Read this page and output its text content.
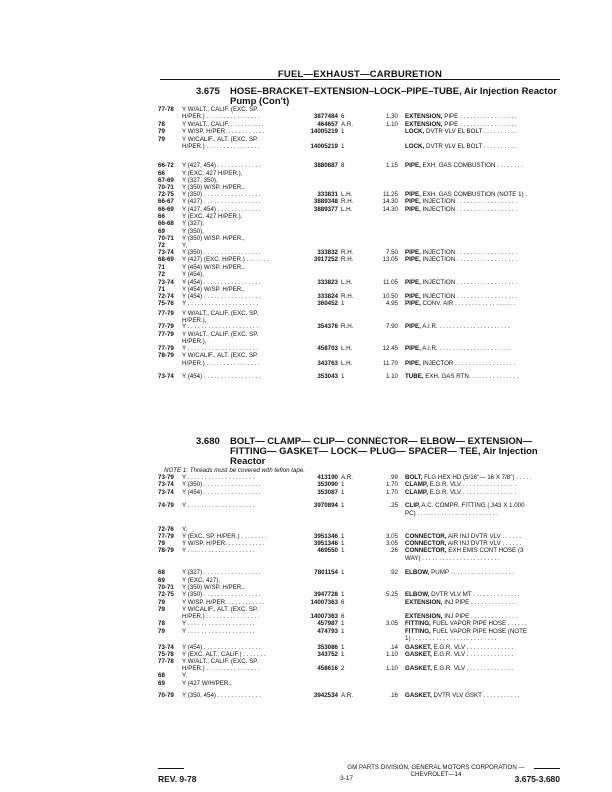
FUEL—EXHAUST—CARBURETION
3.675 HOSE–BRACKET–EXTENSION–LOCK–PIPE–TUBE, Air Injection Reactor
Pump (Con't)
77-78	Y W/ALT., CALIF. (EXC. SP.
H/PER.) . . . . . . . . . . . . . . . .	3877484 6	1.30 EXTENSION, PIPE . . . . . . . . . . . . . . . . .
78	Y W/ALT., CALIF. . . . . . . . . . .	464657 A.R.	1.10 EXTENSION, PIPE . . . . . . . . . . . . . . . . .
79	Y W/SP. H/PER. . . . . . . . . . . .	14005219 1	LOCK, DVTR VLV EL BOLT . . . . . . . . . .
79	Y W/CALIF., ALT. (EXC. SP.
H/PER.) . . . . . . . . . . . . . . . .	14005219 1	LOCK, DVTR VLV EL BOLT . . . . . . . . . .
66-72	Y (427, 454) . . . . . . . . . . . . .	3880887 8	1.15 PIPE, EXH. GAS COMBUSTION . . . . . . . .
66	Y (EXC. 427 H/PER.),
67-69	Y (327, 350),
70-71	Y (350) W/SP. H/PER.,
72-75	Y (350) . . . . . . . . . . . . . . . . .	333831 L.H.	11.25 PIPE, EXH. GAS COMBUSTION (NOTE 1) .
66-67	Y (427) . . . . . . . . . . . . . . . . .	3889348 R.H.	14.30 PIPE, INJECTION . . . . . . . . . . . . . . . . . .
66-69	Y (427, 454) . . . . . . . . . . . . .	3889377 L.H.	14.30 PIPE, INJECTION . . . . . . . . . . . . . . . . . .
66	Y (EXC. 427 H/PER.),
66-68	Y (327),
69	Y (350),
70-71	Y (350) W/SP. H/PER.,
72	Y,
73-74	Y (350) . . . . . . . . . . . . . . . . .	333832 R.H.	7.50 PIPE, INJECTION . . . . . . . . . . . . . . . . . .
68-69	Y (427) (EXC. H/PER.) . . . . . . .	3917252 R.H.	13.05 PIPE, INJECTION . . . . . . . . . . . . . . . . . .
71	Y (454) W/SP. H/PER.,
72	Y (454),
73-74	Y (454) . . . . . . . . . . . . . . . . .	333823 L.H.	11.05 PIPE, INJECTION . . . . . . . . . . . . . . . . . .
71	Y (454) W/SP. H/PER.,
72-74	Y (454) . . . . . . . . . . . . . . . . .	333824 R.H.	10.50 PIPE, INJECTION . . . . . . . . . . . . . . . . . .
75-76	Y . . . . . . . . . . . . . . . . . . . . .	360452 1	4.95 PIPE, CONV. AIR . . . . . . . . . . . . . . . . . .
77-79	Y W/ALT., CALIF. (EXC. SP.
H/PER.),
77-79	Y . . . . . . . . . . . . . . . . . . . . .	354376 R.H.	7.90 PIPE, A.I.R. . . . . . . . . . . . . . . . . . . . . .
77-79	Y W/ALT., CALIF. (EXC. SP.
H/PER.),
77-79	Y . . . . . . . . . . . . . . . . . . . . .	458703 L.H.	12.45 PIPE, A.I.R. . . . . . . . . . . . . . . . . . . . . .
78-79	Y W/CALIF., ALT. (EXC. SP.
H/PER.) . . . . . . . . . . . . . . . .	343763 L.H.	11.70 PIPE, INJECTOR . . . . . . . . . . . . . . . . . .
73-74	Y (454) . . . . . . . . . . . . . . . . .	353043 1	1.10 TUBE, EXH. GAS RTN. . . . . . . . . . . . . . .
3.680 BOLT— CLAMP— CLIP— CONNECTOR— ELBOW— EXTENSION—
FITTING— GASKET— LOCK— PLUG— SPACER— TEE, Air Injection
Reactor
NOTE 1: Threads must be covered with teflon tape.
73-79	Y . . . . . . . . . . . . . . . . . . . .	413190 A.R.	.99 BOLT, FLG HEX HD (5/16"— 16 X 7/8") . . . . .
73-74	Y (350) . . . . . . . . . . . . . . . . .	353090 1	1.70 CLAMP, E.G.R. VLV . . . . . . . . . . . . . . . .
73-74	Y (454) . . . . . . . . . . . . . . . . .	353087 1	1.70 CLAMP, E.G.R. VLV . . . . . . . . . . . . . . . .
74-79	Y . . . . . . . . . . . . . . . . . . . .	3970894 1	.25 CLIP, A.C. COMPR. FITTING (.343 X 1.000
PC) . . . . . . . . . . . . . . . . . . . . . . . .
72-76	Y,
77-79	Y (EXC. SP. H/PER.) . . . . . . . .	3951346 1	3.05 CONNECTOR, AIR INJ DVTR VLV . . . . . .
79	Y W/SP. H/PER. . . . . . . . . . . .	3951346 1	3.05 CONNECTOR, AIR INJ DVTR VLV . . . . . .
78-79	Y . . . . . . . . . . . . . . . . . . . .	469550 1	.26 CONNECTOR, EXH EMIS CONT HOSE (3
WAY) . . . . . . . . . . . . . . . . . . . . . . .
68	Y (327) . . . . . . . . . . . . . . . . .	7801154 1	.92 ELBOW, PUMP . . . . . . . . . . . . . . . . . . .
69	Y (EXC. 427),
70-71	Y (350) W/SP. H/PER.,
72-75	Y (350) . . . . . . . . . . . . . . . . .	3947728 1	5.25 ELBOW, DVTR VLV MT . . . . . . . . . . . . . .
79	Y W/SP. H/PER. . . . . . . . . . . .	14007363 6	EXTENSION, INJ PIPE . . . . . . . . . . . . . .
79	Y W/CALIF., ALT. (EXC. SP.
H/PER.) . . . . . . . . . . . . . . . .	14007363 6	EXTENSION, INJ PIPE . . . . . . . . . . . . . .
78	Y . . . . . . . . . . . . . . . . . . . .	457987 1	3.05 FITTING, FUEL VAPOR PIPE HOSE . . . . . .
79	Y . . . . . . . . . . . . . . . . . . . .	474793 1	FITTING, FUEL VAPOR PIPE HOSE (NOTE
1) . . . . . . . . . . . . . . . . . . . . . . . . .
73-74	Y (454) . . . . . . . . . . . . . . . . .	353086 1	.14 GASKET, E.G.R. VLV . . . . . . . . . . . . . .
75-78	Y (EXC. ALT., CALIF.) . . . . . . .	343752 1	1.10 GASKET, E.G.R. VLV . . . . . . . . . . . . . .
77-78	Y W/ALT., CALIF. (EXC. SP.
H/PER.) . . . . . . . . . . . . . . . .	458616 2	1.10 GASKET, E.G.R. VLV . . . . . . . . . . . . . .
68	Y,
69	Y (427 W/H/PER.,
70-79	Y (350, 454) . . . . . . . . . . . . .	3942534 A.R.	.16 GASKET, DVTR VLV GSKT . . . . . . . . . . .
GM PARTS DIVISION, GENERAL MOTORS CORPORATION —CHEVROLET—14
REV. 9-78	3-17	3.675-3.680
